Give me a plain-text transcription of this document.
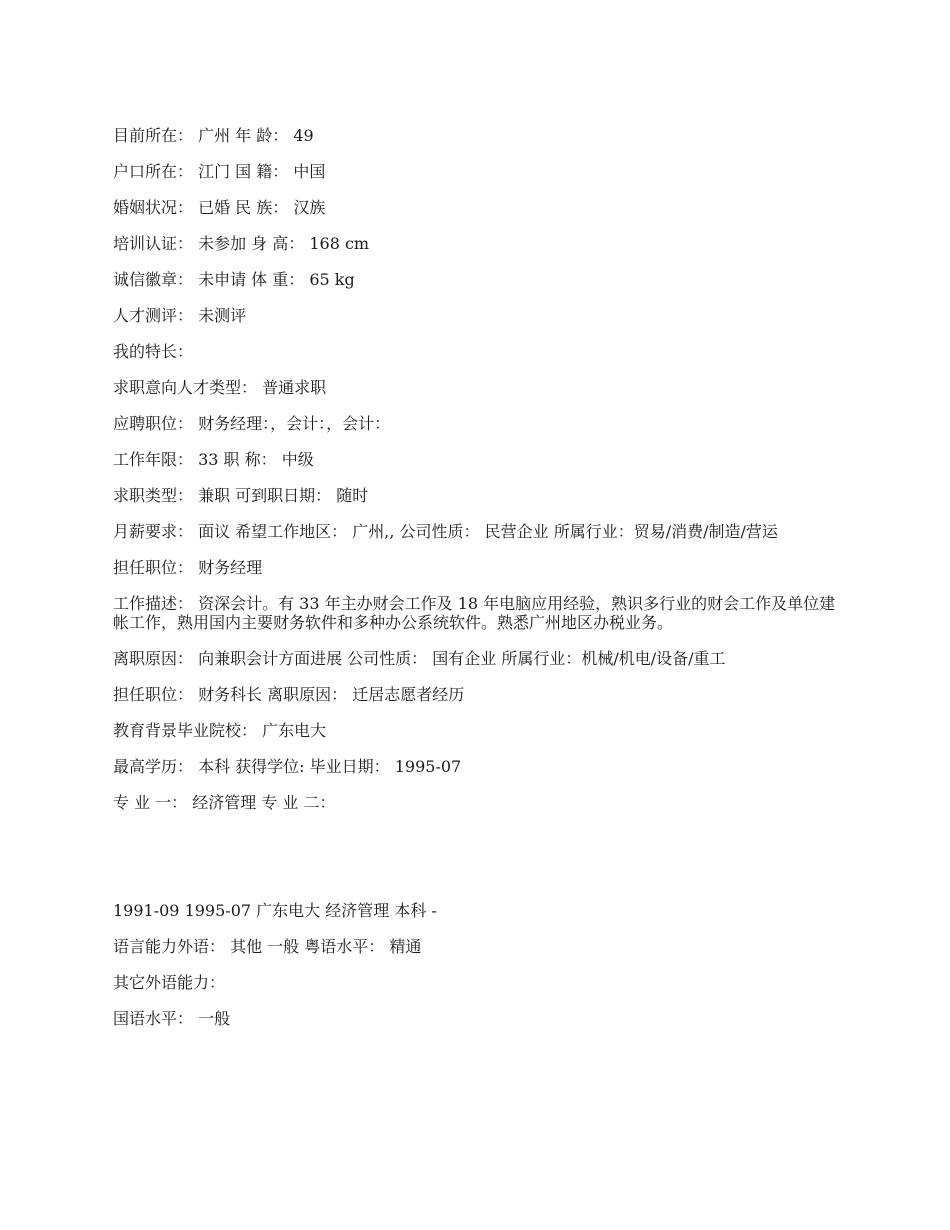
目前所在： 广州 年 龄： 49
户口所在： 江门 国 籍： 中国
婚姻状况： 已婚 民 族： 汉族
培训认证： 未参加 身 高： 168 cm
诚信徽章： 未申请 体 重： 65 kg
人才测评： 未测评
我的特长：
求职意向人才类型： 普通求职
应聘职位： 财务经理：，会计：，会计：
工作年限： 33 职 称： 中级
求职类型： 兼职 可到职日期： 随时
月薪要求： 面议 希望工作地区： 广州,, 公司性质： 民营企业 所属行业：贸易/消费/制造/营运
担任职位： 财务经理
工作描述： 资深会计。有 33 年主办财会工作及 18 年电脑应用经验，熟识多行业的财会工作及单位建帐工作，熟用国内主要财务软件和多种办公系统软件。熟悉广州地区办税业务。
离职原因： 向兼职会计方面进展 公司性质： 国有企业 所属行业：机械/机电/设备/重工
担任职位： 财务科长 离职原因： 迁居志愿者经历
教育背景毕业院校： 广东电大
最高学历： 本科 获得学位: 毕业日期： 1995-07
专 业 一： 经济管理 专 业 二：
1991-09 1995-07 广东电大 经济管理 本科 -
语言能力外语： 其他 一般 粤语水平： 精通
其它外语能力：
国语水平： 一般
